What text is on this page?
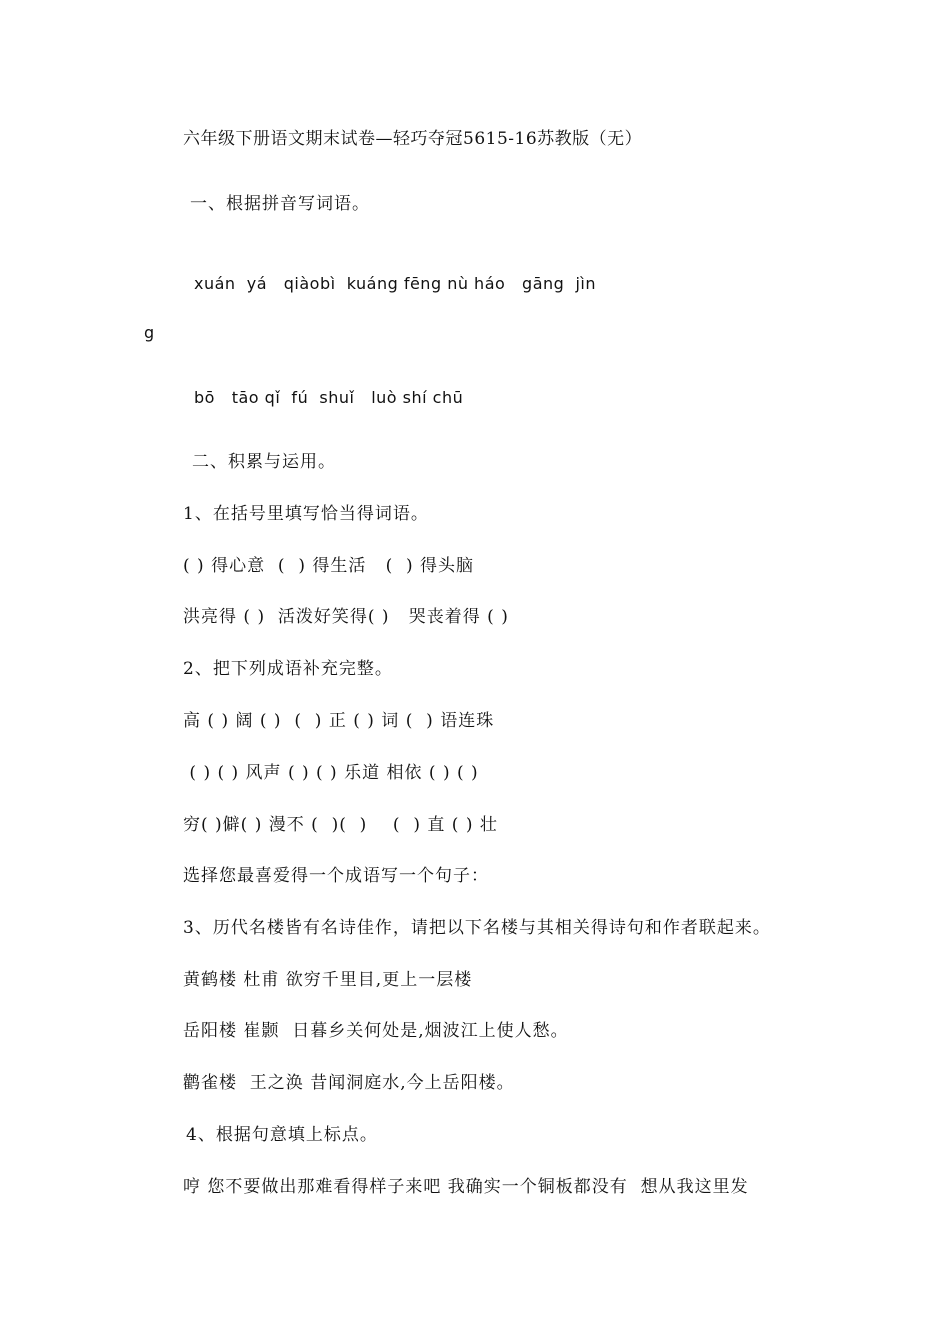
六年级下册语文期末试卷—轻巧夺冠5615-16苏教版（无）
一、根据拼音写词语。
xuán  yá   qiàobì  kuáng fēng nù háo   gāng  jìn
g
bō   tāo qǐ  fú  shuǐ   luò shí chū
二、积累与运用。
1、在括号里填写恰当得词语。
( ) 得心意  (  ) 得生活   (  ) 得头脑
洪亮得 ( )  活泼好笑得( )   哭丧着得 ( )
2、把下列成语补充完整。
高 ( ) 阔 ( )  (  ) 正 ( ) 词 (  ) 语连珠
( ) ( ) 风声 ( ) ( ) 乐道 相依 ( ) ( )
穷( )僻( ) 漫不 (  )(  )    (  ) 直 ( ) 壮
选择您最喜爱得一个成语写一个句子：
3、历代名楼皆有名诗佳作，请把以下名楼与其相关得诗句和作者联起来。
黄鹤楼 杜甫 欲穷千里目,更上一层楼
岳阳楼 崔颢  日暮乡关何处是,烟波江上使人愁。
鹳雀楼  王之涣 昔闻洞庭水,今上岳阳楼。
4、根据句意填上标点。
哼 您不要做出那难看得样子来吧 我确实一个铜板都没有  想从我这里发
